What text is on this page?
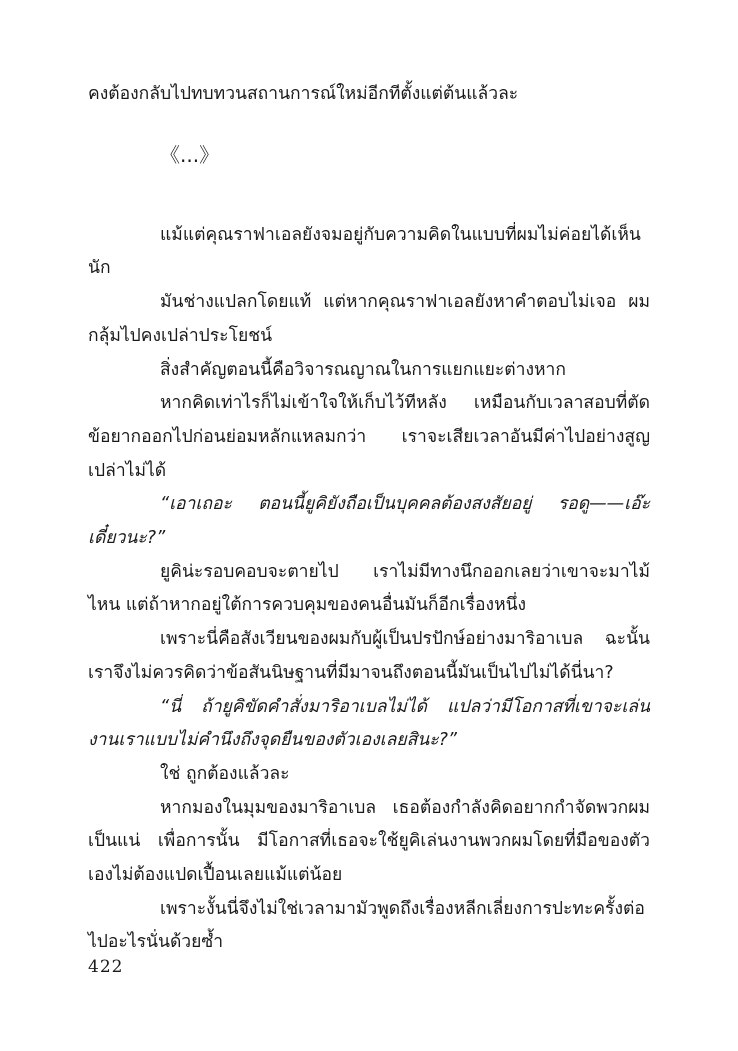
คงต้องกลับไปทบทวนสถานการณ์ใหม่อีกทีตั้งแต่ต้นแล้วละ

《...》

แม้แต่คุณราฟาเอลยังจมอยู่กับความคิดในแบบที่ผมไม่ค่อยได้เห็นนัก

มันช่างแปลกโดยแท้ แต่หากคุณราฟาเอลยังหาคำตอบไม่เจอ ผมกลุ้มไปคงเปล่าประโยชน์

สิ่งสำคัญตอนนี้คือวิจารณญาณในการแยกแยะต่างหาก

หากคิดเท่าไรก็ไม่เข้าใจให้เก็บไว้ทีหลัง เหมือนกับเวลาสอบที่ตัดข้อยากออกไปก่อนย่อมหลักแหลมกว่า เราจะเสียเวลาอันมีค่าไปอย่างสูญเปล่าไม่ได้

“เอาเถอะ ตอนนี้ยูคิยังถือเป็นบุคคลต้องสงสัยอยู่ รอดู——เอ๊ะ เดี๋ยวนะ?”

ยูคิน่ะรอบคอบจะตายไป เราไม่มีทางนึกออกเลยว่าเขาจะมาไม้ไหน แต่ถ้าหากอยู่ใต้การควบคุมของคนอื่นมันก็อีกเรื่องหนึ่ง

เพราะนี่คือสังเวียนของผมกับผู้เป็นปรปักษ์อย่างมาริอาเบล ฉะนั้นเราจึงไม่ควรคิดว่าข้อสันนิษฐานที่มีมาจนถึงตอนนี้มันเป็นไปไม่ได้นี่นา?

“นี่ ถ้ายูคิขัดคำสั่งมาริอาเบลไม่ได้ แปลว่ามีโอกาสที่เขาจะเล่นงานเราแบบไม่คำนึงถึงจุดยืนของตัวเองเลยสินะ?”

ใช่ ถูกต้องแล้วละ

หากมองในมุมของมาริอาเบล เธอต้องกำลังคิดอยากกำจัดพวกผมเป็นแน่ เพื่อการนั้น มีโอกาสที่เธอจะใช้ยูคิเล่นงานพวกผมโดยที่มือของตัวเองไม่ต้องแปดเปื้อนเลยแม้แต่น้อย

เพราะงั้นนี่จึงไม่ใช่เวลามามัวพูดถึงเรื่องหลีกเลี่ยงการปะทะครั้งต่อไปอะไรนั่นด้วยซ้ำ

422
